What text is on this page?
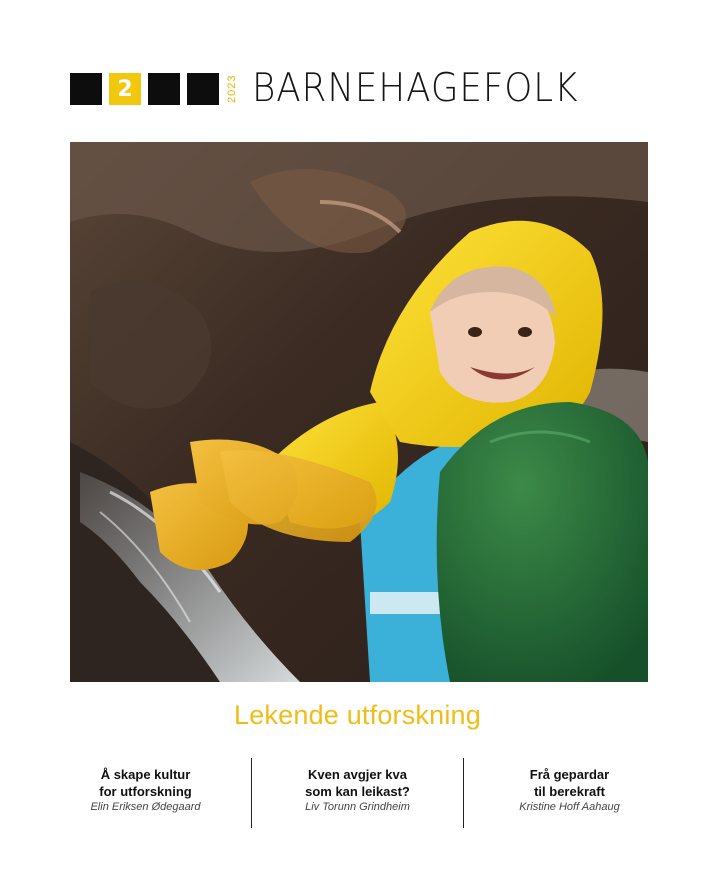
2	2023 BARNEHAGEFOLK
Lekende utforskning
Å skape kultur
for utforskning
Elin Eriksen Ødegaard
Kven avgjer kva
som kan leikast?
Liv Torunn Grindheim
Frå gepardar
til berekraft
Kristine Hoff Aahaug
